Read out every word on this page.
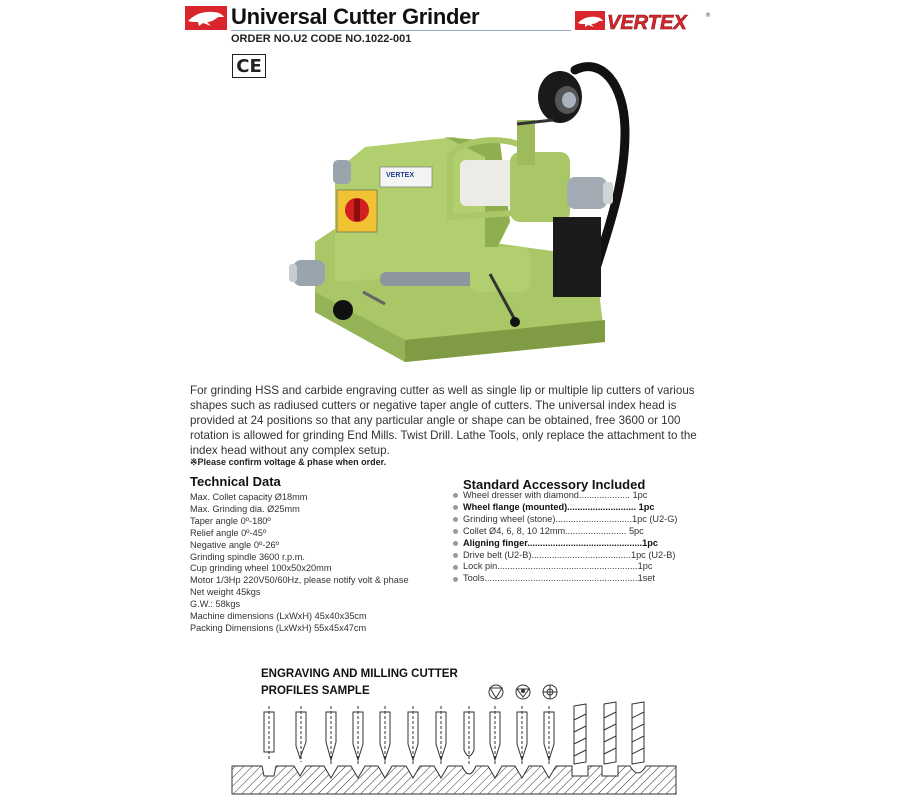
Universal Cutter Grinder	VERTEX	®
ORDER NO.U2 CODE NO.1022-001
CE
VERTEX
For grinding HSS and carbide engraving cutter as well as single lip or multiple lip cutters of various shapes such as radiused cutters or negative taper angle of cutters. The universal index head is provided at 24 positions so that any particular angle or shape can be obtained, free 3600 or 100 rotation is allowed for grinding End Mills. Twist Drill. Lathe Tools, only replace the attachment to the index head without any complex setup.
※Please confirm voltage & phase when order.
Technical Data
Max. Collet capacity Ø18mm
Max. Grinding dia. Ø25mm
Taper angle 0º-180º
Relief angle 0º-45º
Negative angle 0º-26º
Grinding spindle 3600 r.p.m.
Cup grinding wheel 100x50x20mm
Motor 1/3Hp 220V50/60Hz, please notify volt & phase
Net weight 45kgs
G.W.: 58kgs
Machine dimensions (LxWxH) 45x40x35cm
Packing Dimensions (LxWxH) 55x45x47cm
Standard Accessory Included
Wheel dresser with diamond.................... 1pc
Wheel flange (mounted)........................... 1pc
Grinding wheel (stone)..............................1pc (U2-G)
Collet Ø4, 6, 8, 10 12mm........................ 5pc
Aligning finger.............................................1pc
Drive belt (U2-B).......................................1pc (U2-B)
Lock pin.......................................................1pc
Tools............................................................1set
ENGRAVING AND MILLING CUTTER
PROFILES SAMPLE
